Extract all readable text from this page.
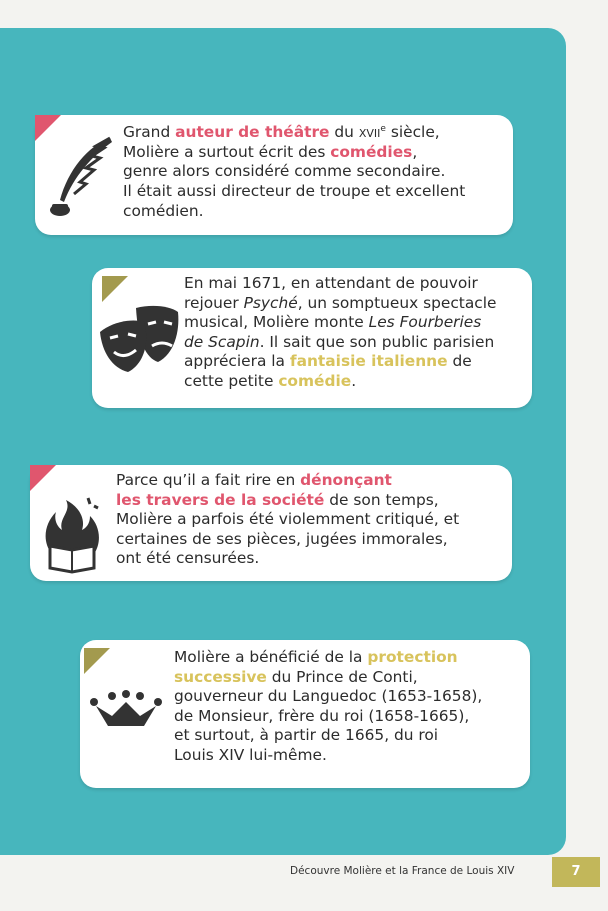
Grand auteur de théâtre du xvii$^e$ siècle,
Molière a surtout écrit des comédies,
genre alors considéré comme secondaire.
Il était aussi directeur de troupe et excellent
comédien.
En mai 1671, en attendant de pouvoir
rejouer Psyché, un somptueux spectacle
musical, Molière monte Les Fourberies
de Scapin. Il sait que son public parisien
appréciera la fantaisie italienne de
cette petite comédie.
Parce qu’il a fait rire en dénonçant
les travers de la société de son temps,
Molière a parfois été violemment critiqué, et
certaines de ses pièces, jugées immorales,
ont été censurées.
Molière a bénéficié de la protection
successive du Prince de Conti,
gouverneur du Languedoc (1653-1658),
de Monsieur, frère du roi (1658-1665),
et surtout, à partir de 1665, du roi
Louis XIV lui-même.
Découvre Molière et la France de Louis XIV	7
